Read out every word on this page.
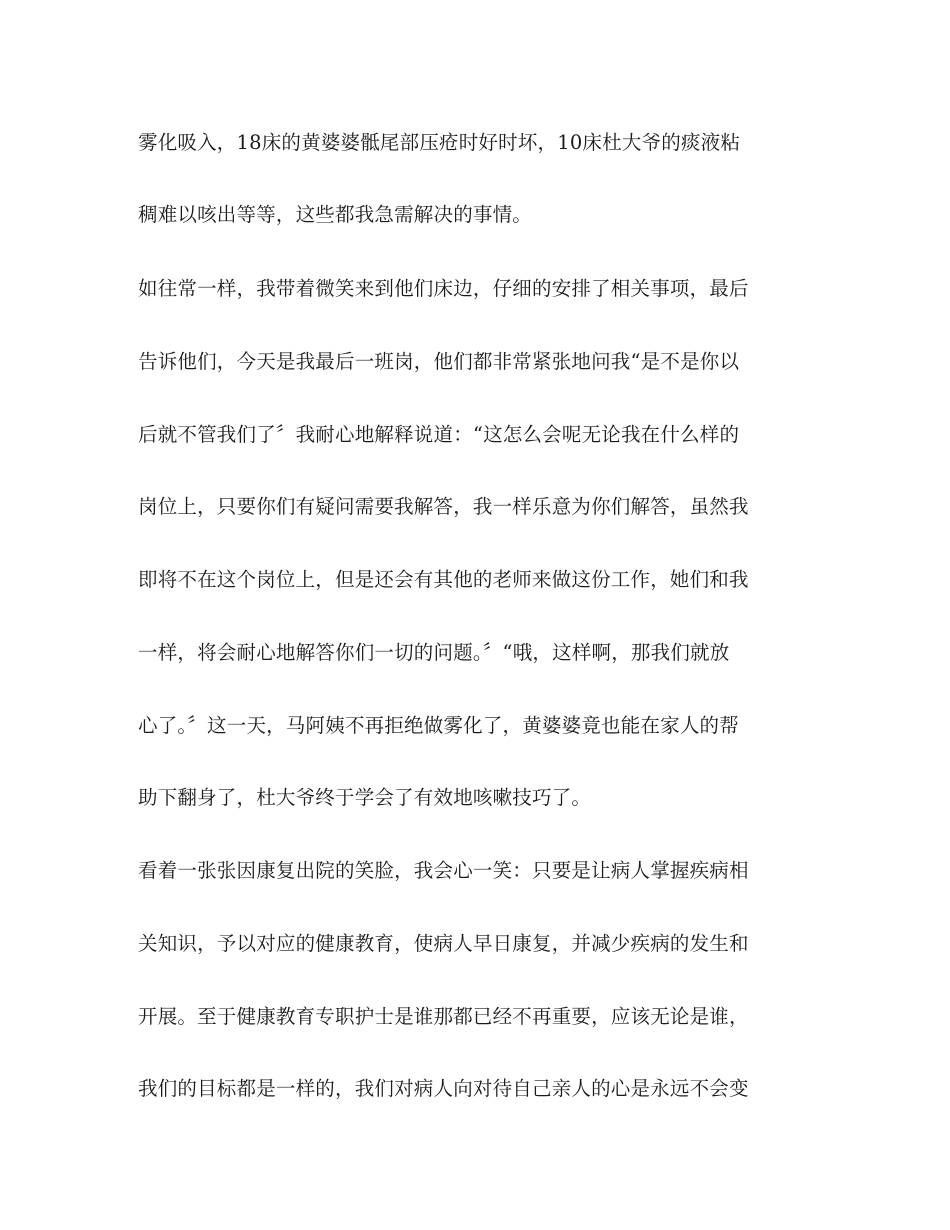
雾化吸入，18床的黄婆婆骶尾部压疮时好时坏，10床杜大爷的痰液粘
稠难以咳出等等，这些都我急需解决的事情。
如往常一样，我带着微笑来到他们床边，仔细的安排了相关事项，最后
告诉他们，今天是我最后一班岗，他们都非常紧张地问我“是不是你以
后就不管我们了〞我耐心地解释说道：“这怎么会呢无论我在什么样的
岗位上，只要你们有疑问需要我解答，我一样乐意为你们解答，虽然我
即将不在这个岗位上，但是还会有其他的老师来做这份工作，她们和我
一样，将会耐心地解答你们一切的问题。〞“哦，这样啊，那我们就放
心了。〞这一天，马阿姨不再拒绝做雾化了，黄婆婆竟也能在家人的帮
助下翻身了，杜大爷终于学会了有效地咳嗽技巧了。
看着一张张因康复出院的笑脸，我会心一笑：只要是让病人掌握疾病相
关知识，予以对应的健康教育，使病人早日康复，并减少疾病的发生和
开展。至于健康教育专职护士是谁那都已经不再重要，应该无论是谁，
我们的目标都是一样的，我们对病人向对待自己亲人的心是永远不会变
